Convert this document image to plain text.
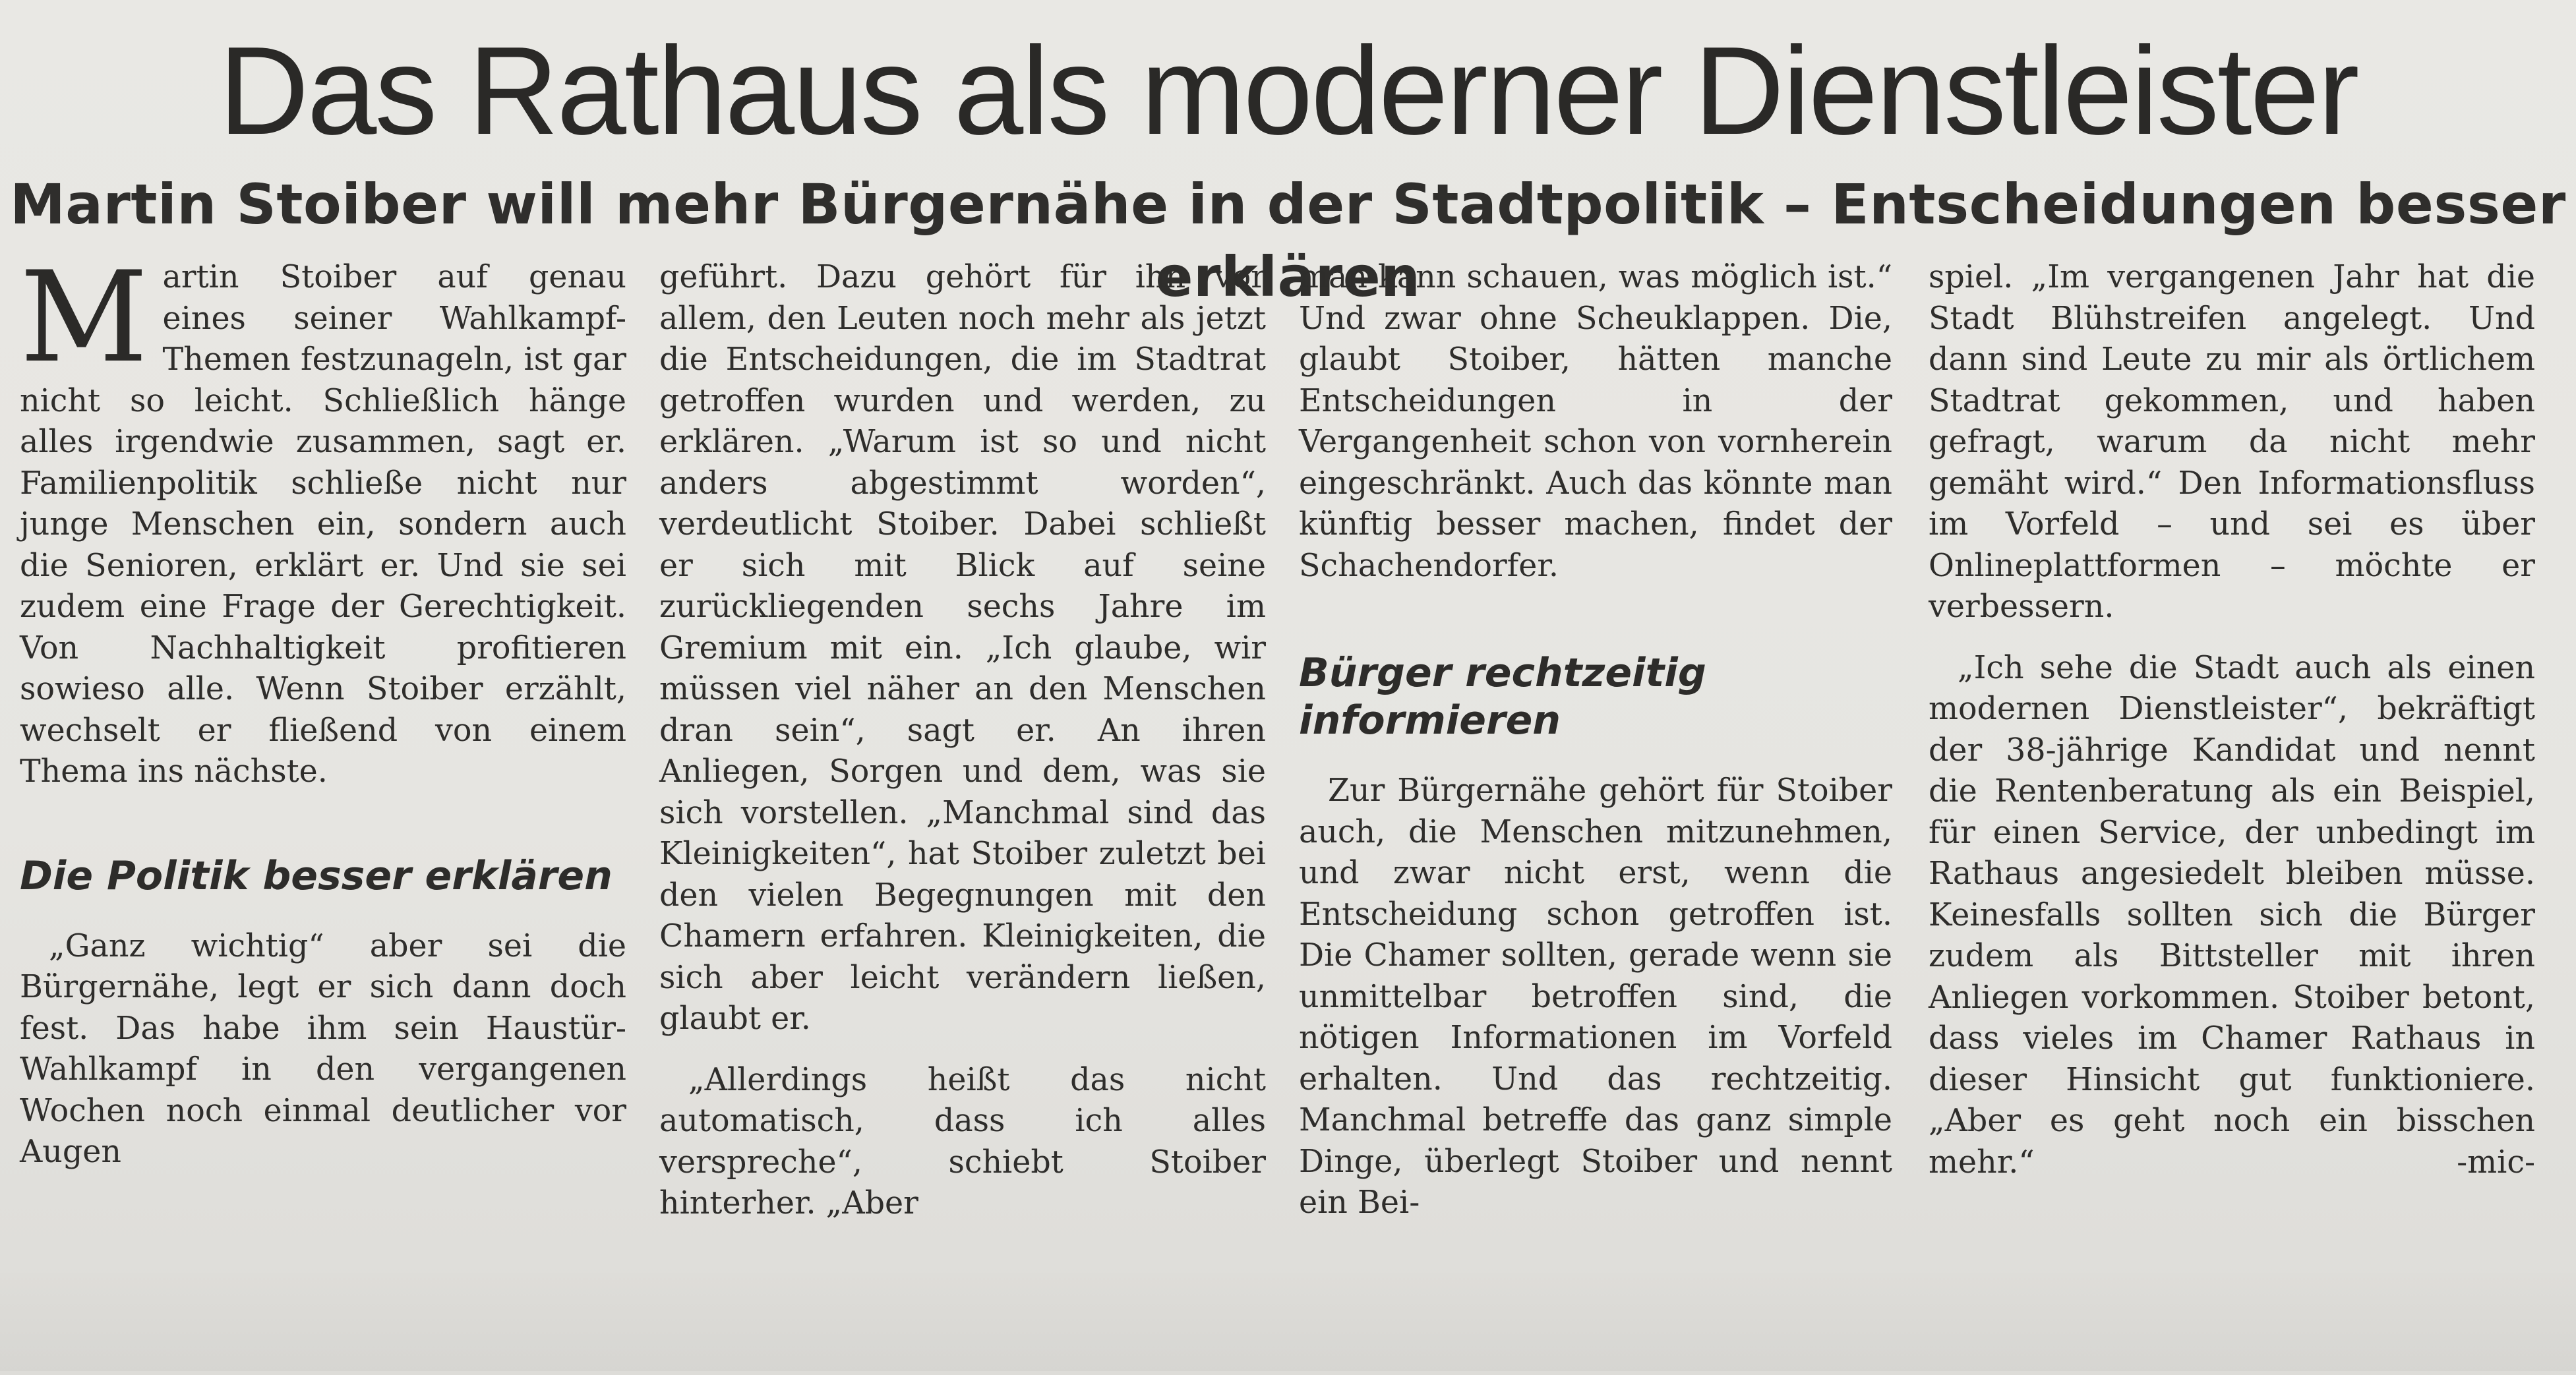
Das Rathaus als moderner Dienstleister
Martin Stoiber will mehr Bürgernähe in der Stadtpolitik – Entscheidungen besser erklären
M artin Stoiber auf genau eines seiner Wahlkampf-Themen festzunageln, ist gar nicht so leicht. Schließlich hänge alles irgendwie zusammen, sagt er. Familienpolitik schließe nicht nur junge Menschen ein, sondern auch die Senioren, erklärt er. Und sie sei zudem eine Frage der Gerechtigkeit. Von Nachhaltigkeit profitieren sowieso alle. Wenn Stoiber erzählt, wechselt er fließend von einem Thema ins nächste.

Die Politik besser erklären

„Ganz wichtig“ aber sei die Bürgernähe, legt er sich dann doch fest. Das habe ihm sein Haustür-Wahlkampf in den vergangenen Wochen noch einmal deutlicher vor Augen

geführt. Dazu gehört für ihn vor allem, den Leuten noch mehr als jetzt die Entscheidungen, die im Stadtrat getroffen wurden und werden, zu erklären. „Warum ist so und nicht anders abgestimmt worden“, verdeutlicht Stoiber. Dabei schließt er sich mit Blick auf seine zurückliegenden sechs Jahre im Gremium mit ein. „Ich glaube, wir müssen viel näher an den Menschen dran sein“, sagt er. An ihren Anliegen, Sorgen und dem, was sie sich vorstellen. „Manchmal sind das Kleinigkeiten“, hat Stoiber zuletzt bei den vielen Begegnungen mit den Chamern erfahren. Kleinigkeiten, die sich aber leicht verändern ließen, glaubt er.

„Allerdings heißt das nicht automatisch, dass ich alles verspreche“, schiebt Stoiber hinterher. „Aber

man kann schauen, was möglich ist.“ Und zwar ohne Scheuklappen. Die, glaubt Stoiber, hätten manche Entscheidungen in der Vergangenheit schon von vornherein eingeschränkt. Auch das könnte man künftig besser machen, findet der Schachendorfer.

Bürger rechtzeitig informieren

Zur Bürgernähe gehört für Stoiber auch, die Menschen mitzunehmen, und zwar nicht erst, wenn die Entscheidung schon getroffen ist. Die Chamer sollten, gerade wenn sie unmittelbar betroffen sind, die nötigen Informationen im Vorfeld erhalten. Und das rechtzeitig. Manchmal betreffe das ganz simple Dinge, überlegt Stoiber und nennt ein Bei-

spiel. „Im vergangenen Jahr hat die Stadt Blühstreifen angelegt. Und dann sind Leute zu mir als örtlichem Stadtrat gekommen, und haben gefragt, warum da nicht mehr gemäht wird.“ Den Informationsfluss im Vorfeld – und sei es über Onlineplattformen – möchte er verbessern.

„Ich sehe die Stadt auch als einen modernen Dienstleister“, bekräftigt der 38-jährige Kandidat und nennt die Rentenberatung als ein Beispiel, für einen Service, der unbedingt im Rathaus angesiedelt bleiben müsse. Keinesfalls sollten sich die Bürger zudem als Bittsteller mit ihren Anliegen vorkommen. Stoiber betont, dass vieles im Chamer Rathaus in dieser Hinsicht gut funktioniere. „Aber es geht noch ein bisschen mehr.“	-mic-
